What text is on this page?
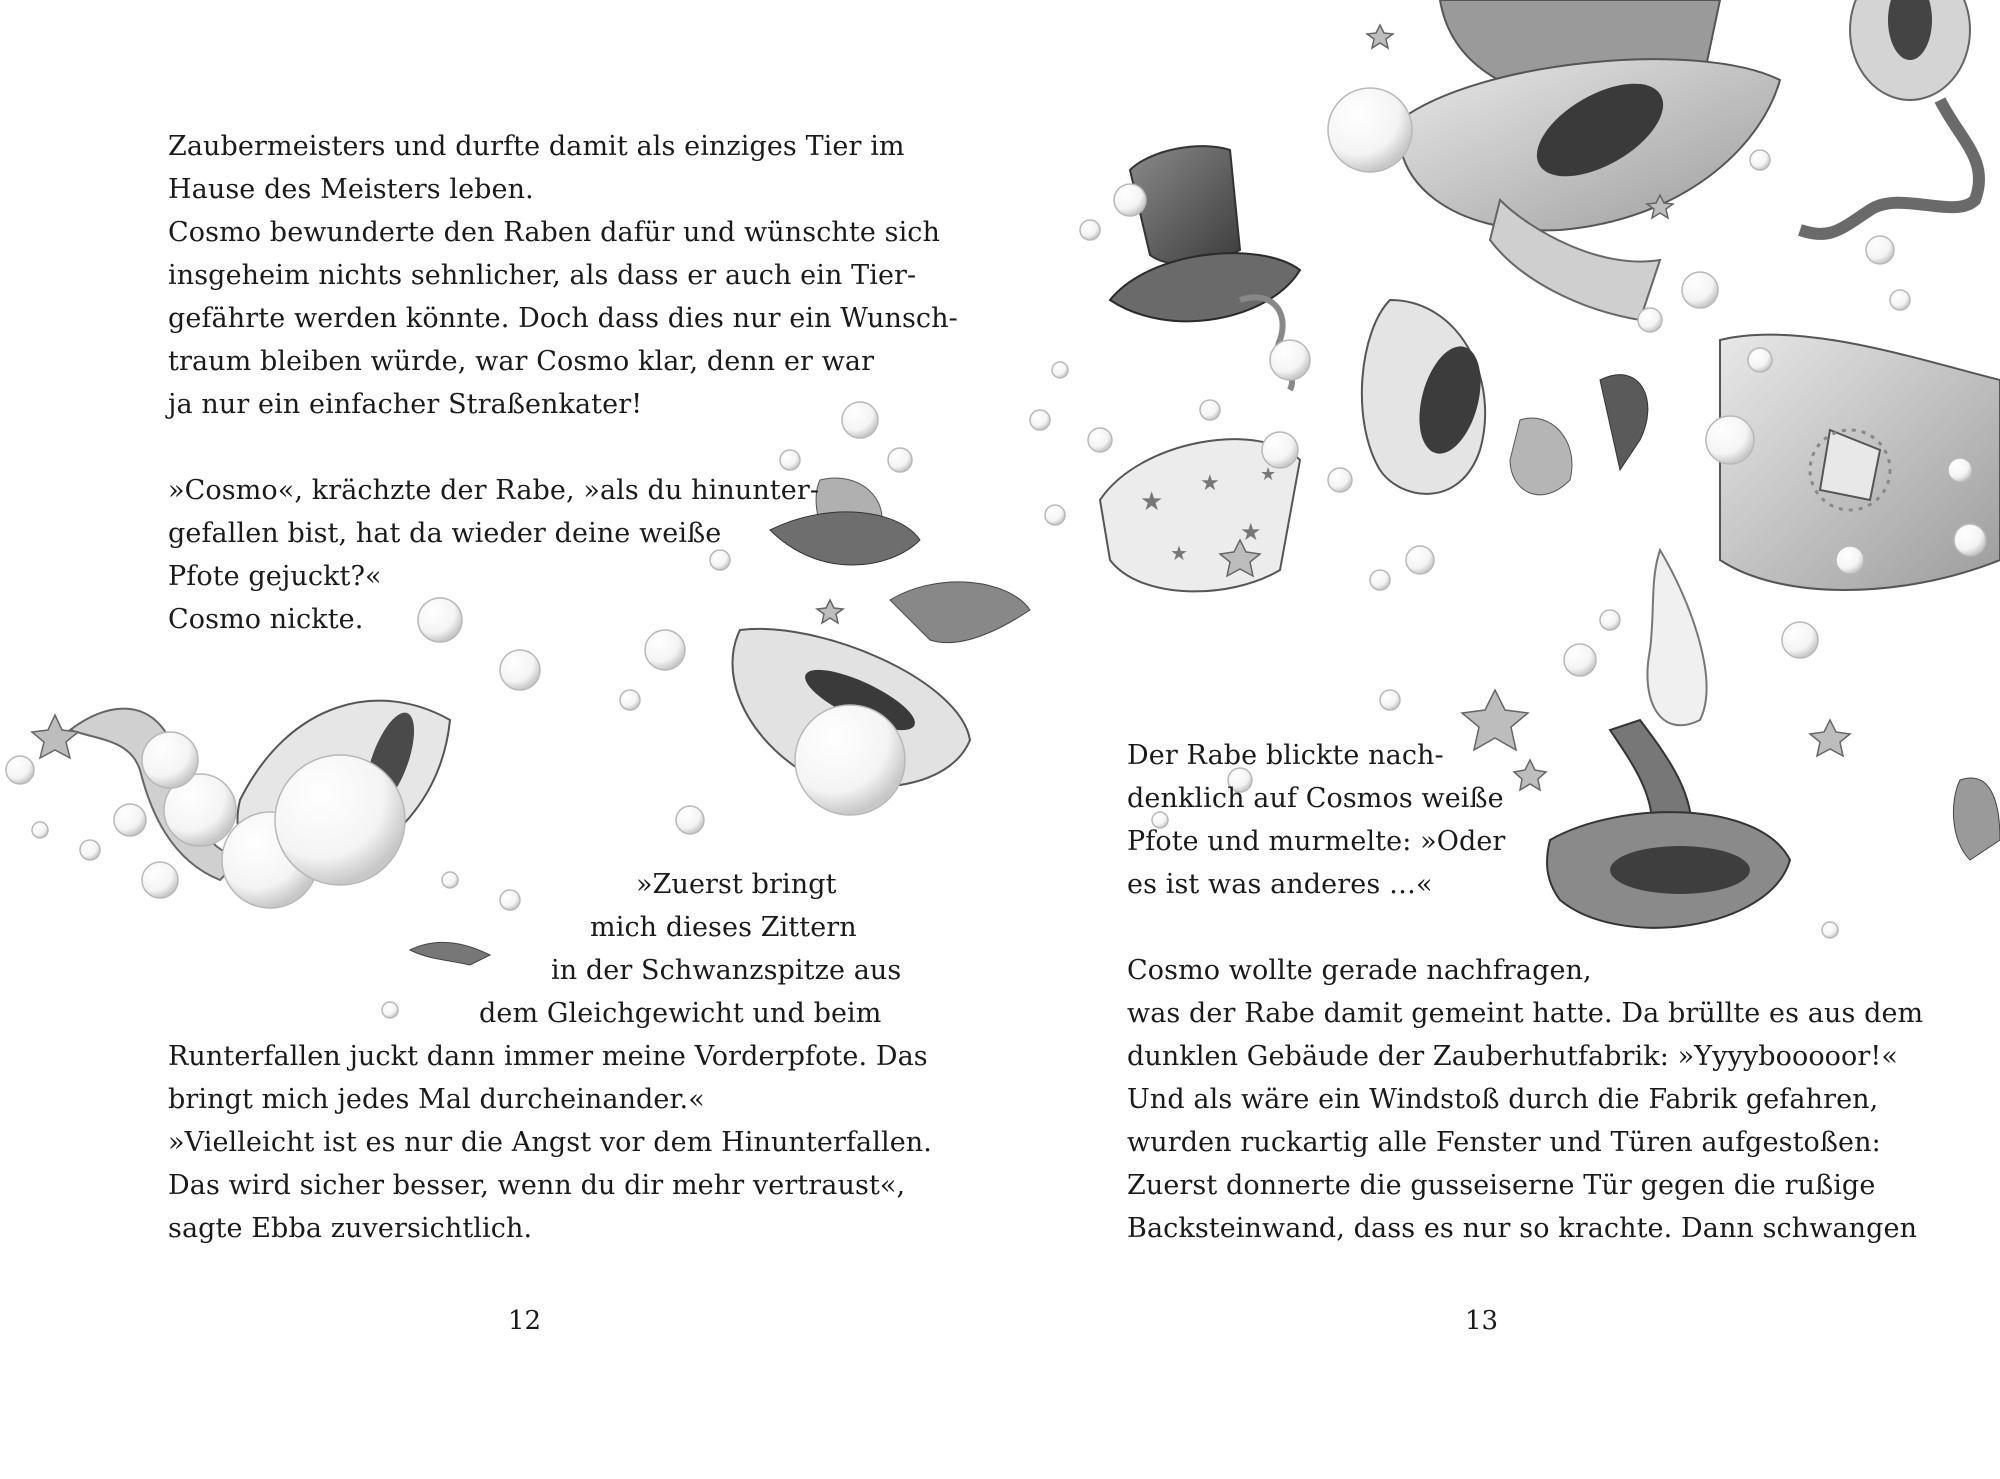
★
★
★
★
★
Zaubermeisters und durfte damit als einziges Tier im
Hause des Meisters leben.
Cosmo bewunderte den Raben dafür und wünschte sich
insgeheim nichts sehnlicher, als dass er auch ein Tier-
gefährte werden könnte. Doch dass dies nur ein Wunsch-
traum bleiben würde, war Cosmo klar, denn er war
ja nur ein einfacher Straßenkater!
»Cosmo«, krächzte der Rabe, »als du hinunter-
gefallen bist, hat da wieder deine weiße
Pfote gejuckt?«
Cosmo nickte.
»Zuerst bringt
mich dieses Zittern
in der Schwanzspitze aus
dem Gleichgewicht und beim
Runterfallen juckt dann immer meine Vorderpfote. Das
bringt mich jedes Mal durcheinander.«
»Vielleicht ist es nur die Angst vor dem Hinunterfallen.
Das wird sicher besser, wenn du dir mehr vertraust«,
sagte Ebba zuversichtlich.
12
Der Rabe blickte nach-
denklich auf Cosmos weiße
Pfote und murmelte: »Oder
es ist was anderes …«
Cosmo wollte gerade nachfragen,
was der Rabe damit gemeint hatte. Da brüllte es aus dem
dunklen Gebäude der Zauberhutfabrik: »Yyyybooooor!«
Und als wäre ein Windstoß durch die Fabrik gefahren,
wurden ruckartig alle Fenster und Türen aufgestoßen:
Zuerst donnerte die gusseiserne Tür gegen die rußige
Backsteinwand, dass es nur so krachte. Dann schwangen
13
